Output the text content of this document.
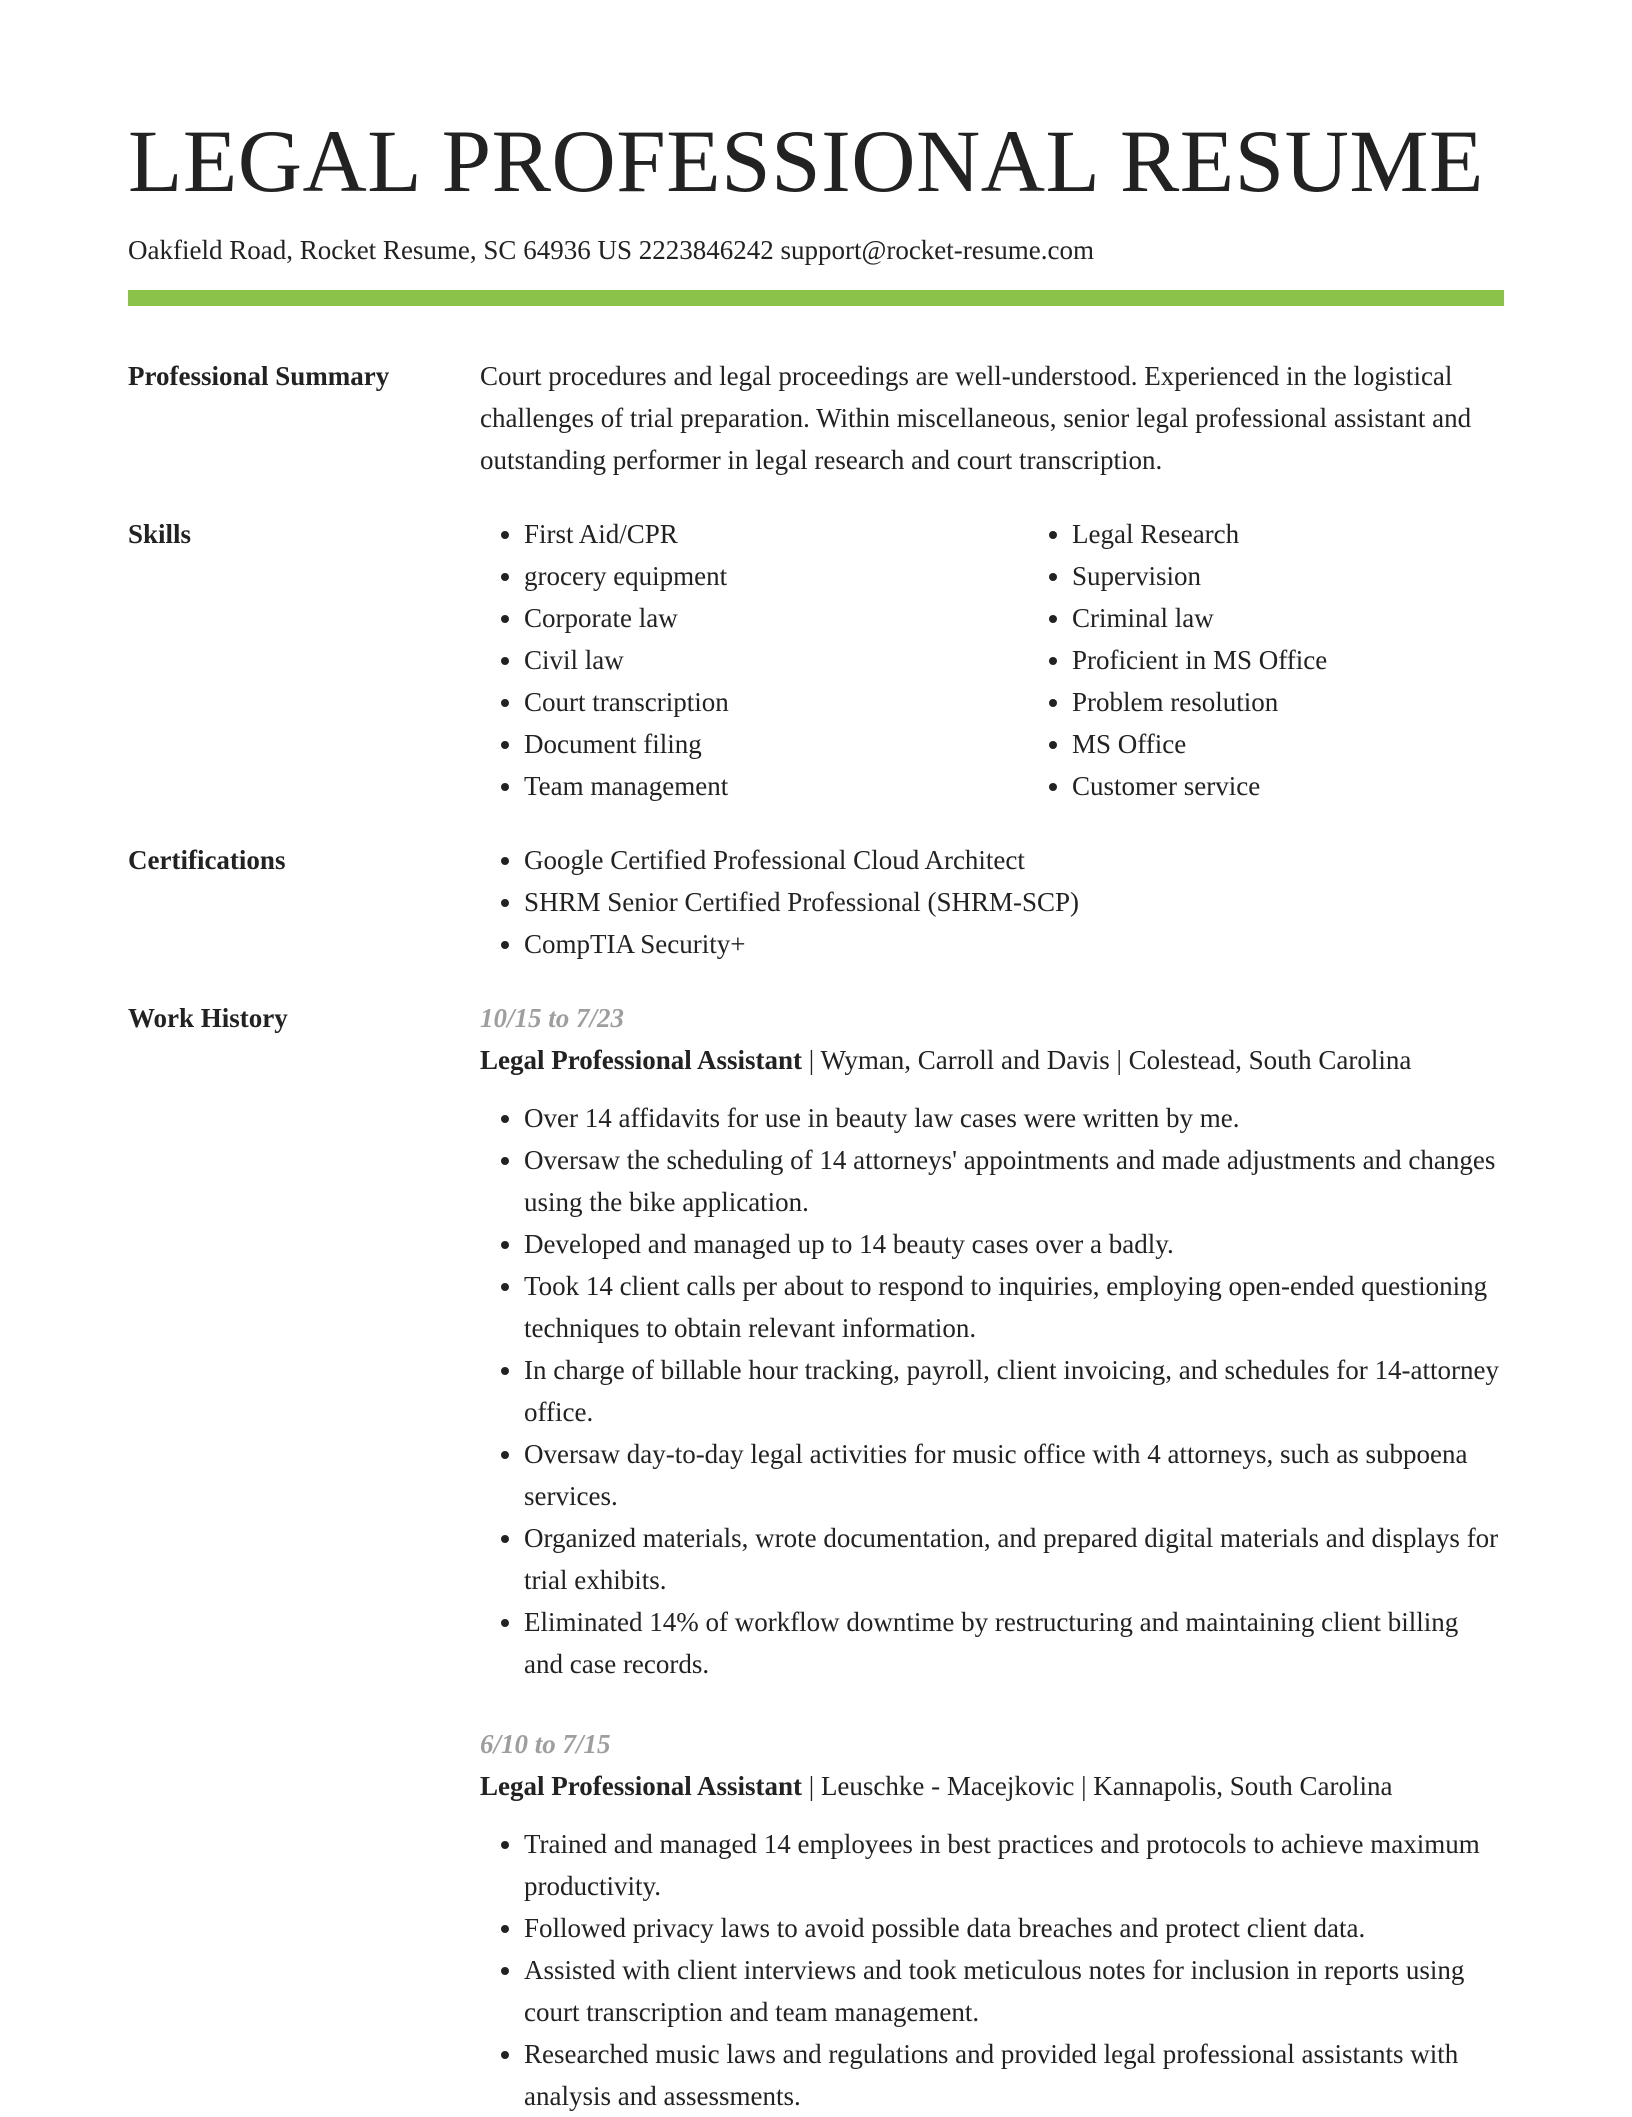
LEGAL PROFESSIONAL RESUME
Oakfield Road, Rocket Resume, SC 64936 US 2223846242 support@rocket-resume.com
Professional Summary	Court procedures and legal proceedings are well-understood. Experienced in the logistical challenges of trial preparation. Within miscellaneous, senior legal professional assistant and outstanding performer in legal research and court transcription.
Skills	• First Aid/CPR
• grocery equipment
• Corporate law
• Civil law
• Court transcription
• Document filing
• Team management
• Legal Research
• Supervision
• Criminal law
• Proficient in MS Office
• Problem resolution
• MS Office
• Customer service
Certifications	• Google Certified Professional Cloud Architect
• SHRM Senior Certified Professional (SHRM-SCP)
• CompTIA Security+
Work History	10/15 to 7/23
Legal Professional Assistant | Wyman, Carroll and Davis | Colestead, South Carolina
• Over 14 affidavits for use in beauty law cases were written by me.
• Oversaw the scheduling of 14 attorneys' appointments and made adjustments and changes using the bike application.
• Developed and managed up to 14 beauty cases over a badly.
• Took 14 client calls per about to respond to inquiries, employing open-ended questioning techniques to obtain relevant information.
• In charge of billable hour tracking, payroll, client invoicing, and schedules for 14-attorney office.
• Oversaw day-to-day legal activities for music office with 4 attorneys, such as subpoena services.
• Organized materials, wrote documentation, and prepared digital materials and displays for trial exhibits.
• Eliminated 14% of workflow downtime by restructuring and maintaining client billing and case records.
6/10 to 7/15
Legal Professional Assistant | Leuschke - Macejkovic | Kannapolis, South Carolina
• Trained and managed 14 employees in best practices and protocols to achieve maximum productivity.
• Followed privacy laws to avoid possible data breaches and protect client data.
• Assisted with client interviews and took meticulous notes for inclusion in reports using court transcription and team management.
• Researched music laws and regulations and provided legal professional assistants with analysis and assessments.
